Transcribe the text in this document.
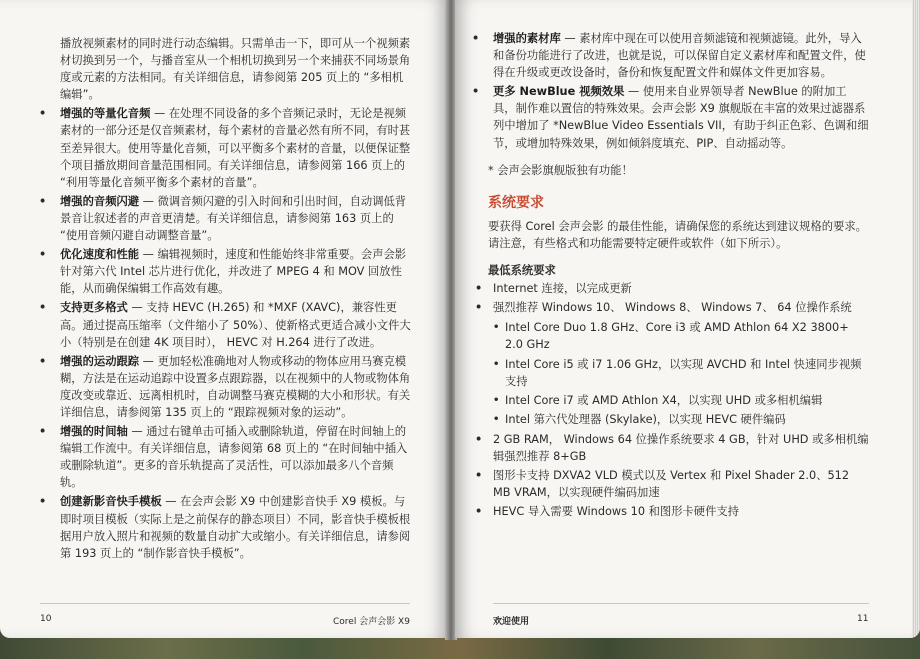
播放视频素材的同时进行动态编辑。只需单击一下，即可从一个视频素材切换到另一个，与播音室从一个相机切换到另一个来捕获不同场景角度或元素的方法相同。有关详细信息，请参阅第 205 页上的 “多相机编辑”。

• 增强的等量化音频 — 在处理不同设备的多个音频记录时，无论是视频素材的一部分还是仅音频素材，每个素材的音量必然有所不同，有时甚至差异很大。使用等量化音频，可以平衡多个素材的音量，以便保证整个项目播放期间音量范围相同。有关详细信息，请参阅第 166 页上的 “利用等量化音频平衡多个素材的音量”。
• 增强的音频闪避 — 微调音频闪避的引入时间和引出时间，自动调低背景音让叙述者的声音更清楚。有关详细信息，请参阅第 163 页上的 “使用音频闪避自动调整音量”。
• 优化速度和性能 — 编辑视频时，速度和性能始终非常重要。会声会影针对第六代 Intel 芯片进行优化，并改进了 MPEG 4 和 MOV 回放性能，从而确保编辑工作高效有趣。
• 支持更多格式 — 支持 HEVC (H.265) 和 *MXF (XAVC)，兼容性更高。通过提高压缩率（文件缩小了 50%）、使新格式更适合减小文件大小（特别是在创建 4K 项目时）， HEVC 对 H.264 进行了改进。
• 增强的运动跟踪 — 更加轻松准确地对人物或移动的物体应用马赛克模糊，方法是在运动追踪中设置多点跟踪器，以在视频中的人物或物体角度改变或靠近、远离相机时，自动调整马赛克模糊的大小和形状。有关详细信息，请参阅第 135 页上的 “跟踪视频对象的运动”。
• 增强的时间轴 — 通过右键单击可插入或删除轨道，停留在时间轴上的编辑工作流中。有关详细信息，请参阅第 68 页上的 “在时间轴中插入或删除轨道”。更多的音乐轨提高了灵活性，可以添加最多八个音频轨。
• 创建新影音快手模板 — 在会声会影 X9 中创建影音快手 X9 模板。与即时项目模板（实际上是之前保存的静态项目）不同，影音快手模板根据用户放入照片和视频的数量自动扩大或缩小。有关详细信息，请参阅第 193 页上的 “制作影音快手模板”。
10	Corel 会声会影 X9
• 增强的素材库 — 素材库中现在可以使用音频滤镜和视频滤镜。此外，导入和备份功能进行了改进，也就是说，可以保留自定义素材库和配置文件，使得在升级或更改设备时，备份和恢复配置文件和媒体文件更加容易。
• 更多 NewBlue 视频效果 — 使用来自业界领导者 NewBlue 的附加工具，制作难以置信的特殊效果。会声会影 X9 旗舰版在丰富的效果过滤器系列中增加了 *NewBlue Video Essentials VII，有助于纠正色彩、色调和细节，或增加特殊效果，例如倾斜度填充、PIP、自动摇动等。

* 会声会影旗舰版独有功能！

系统要求

要获得 Corel 会声会影 的最佳性能，请确保您的系统达到建议规格的要求。请注意，有些格式和功能需要特定硬件或软件（如下所示）。

最低系统要求
• Internet 连接，以完成更新
• 强烈推荐 Windows 10、 Windows 8、 Windows 7、 64 位操作系统
• Intel Core Duo 1.8 GHz、Core i3 或 AMD Athlon 64 X2 3800+ 2.0 GHz
• Intel Core i5 或 i7 1.06 GHz，以实现 AVCHD 和 Intel 快速同步视频支持
• Intel Core i7 或 AMD Athlon X4，以实现 UHD 或多相机编辑
• Intel 第六代处理器 (Skylake)，以实现 HEVC 硬件编码
• 2 GB RAM， Windows 64 位操作系统要求 4 GB，针对 UHD 或多相机编辑强烈推荐 8+GB
• 图形卡支持 DXVA2 VLD 模式以及 Vertex 和 Pixel Shader 2.0、512 MB VRAM，以实现硬件编码加速
• HEVC 导入需要 Windows 10 和图形卡硬件支持
欢迎使用	11
